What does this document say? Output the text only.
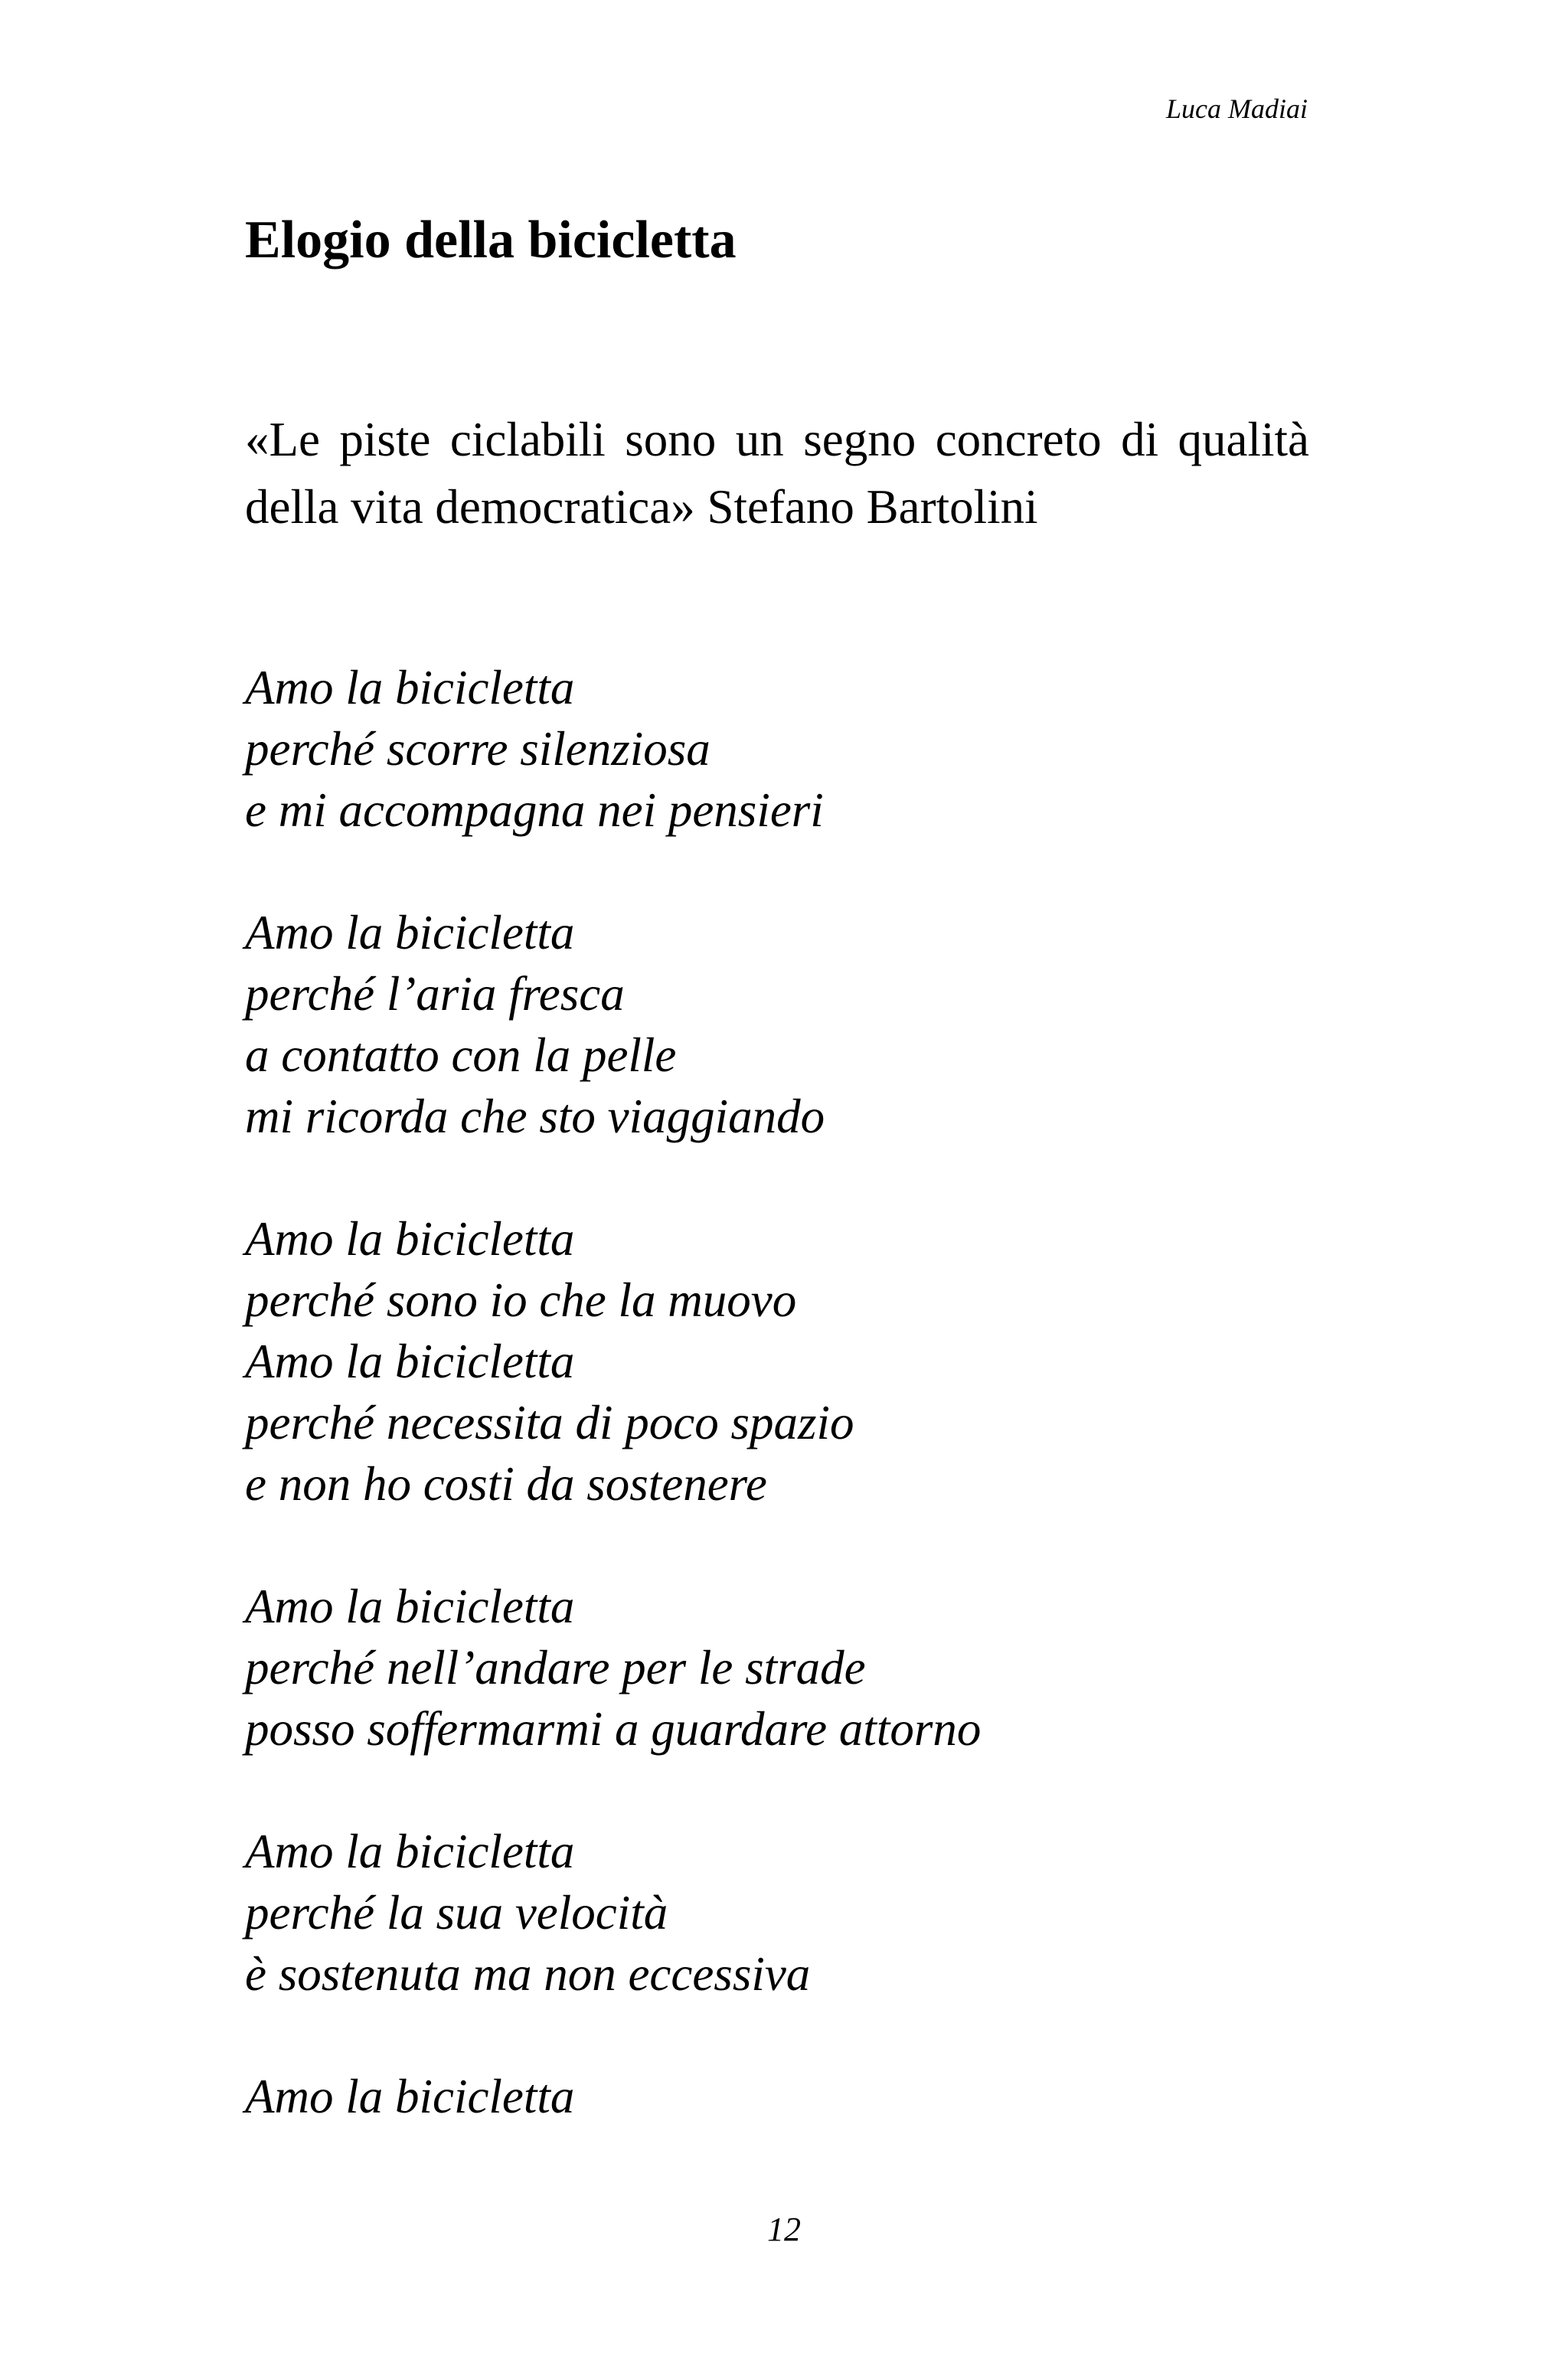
Luca Madiai
Elogio della bicicletta

«Le piste ciclabili sono un segno concreto di qualità della vita democratica» Stefano Bartolini

Amo la bicicletta
perché scorre silenziosa
e mi accompagna nei pensieri
Amo la bicicletta
perché l’aria fresca
a contatto con la pelle
mi ricorda che sto viaggiando
Amo la bicicletta
perché sono io che la muovo
Amo la bicicletta
perché necessita di poco spazio
e non ho costi da sostenere
Amo la bicicletta
perché nell’andare per le strade
posso soffermarmi a guardare attorno
Amo la bicicletta
perché la sua velocità
è sostenuta ma non eccessiva
Amo la bicicletta
12
